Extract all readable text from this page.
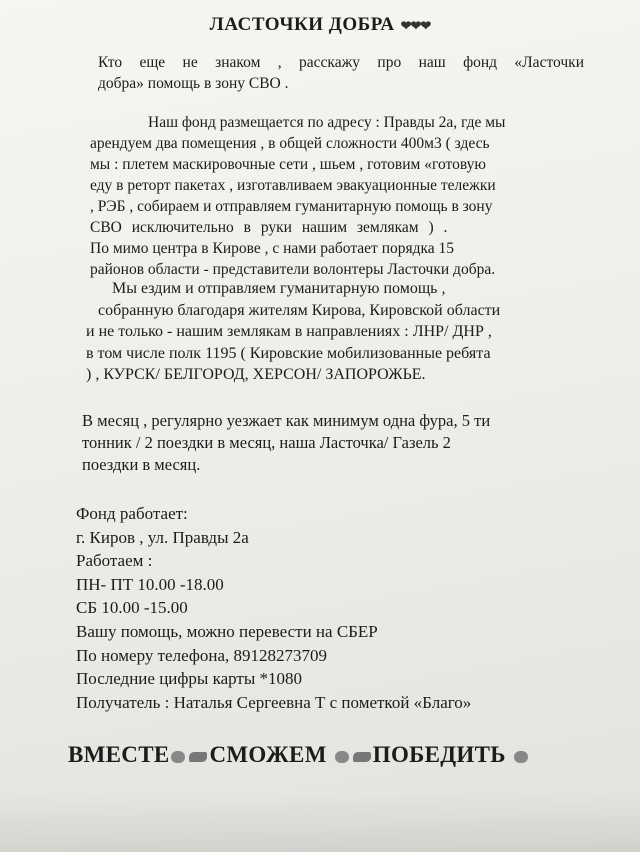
ЛАСТОЧКИ ДОБРА ❤❤❤
Кто еще не знаком , расскажу про наш фонд «Ласточки
добра» помощь в зону СВО .
Наш фонд размещается по адресу : Правды 2а, где мы
арендуем два помещения , в общей сложности 400м3 ( здесь
мы : плетем маскировочные сети , шьем , готовим «готовую
еду в реторт пакетах , изготавливаем эвакуационные тележки
, РЭБ , собираем и отправляем гуманитарную помощь в зону
СВО исключительно в руки нашим землякам ) .
По мимо центра в Кирове , с нами работает порядка 15
районов области - представители волонтеры Ласточки добра.
Мы ездим и отправляем гуманитарную помощь ,
собранную благодаря жителям Кирова, Кировской области
и не только - нашим землякам в направлениях : ЛНР/ ДНР ,
в том числе полк 1195 ( Кировские мобилизованные ребята
) , КУРСК/ БЕЛГОРОД, ХЕРСОН/ ЗАПОРОЖЬЕ.
В месяц , регулярно уезжает как минимум одна фура, 5 ти
тонник / 2 поездки в месяц, наша Ласточка/ Газель 2
поездки в месяц.
Фонд работает:
г. Киров , ул. Правды 2а
Работаем :
ПН- ПТ 10.00 -18.00
СБ 10.00 -15.00
Вашу помощь, можно перевести на СБЕР
По номеру телефона, 89128273709
Последние цифры карты *1080
Получатель : Наталья Сергеевна Т с пометкой «Благо»
ВМЕСТЕ СМОЖЕМ ПОБЕДИТЬ
